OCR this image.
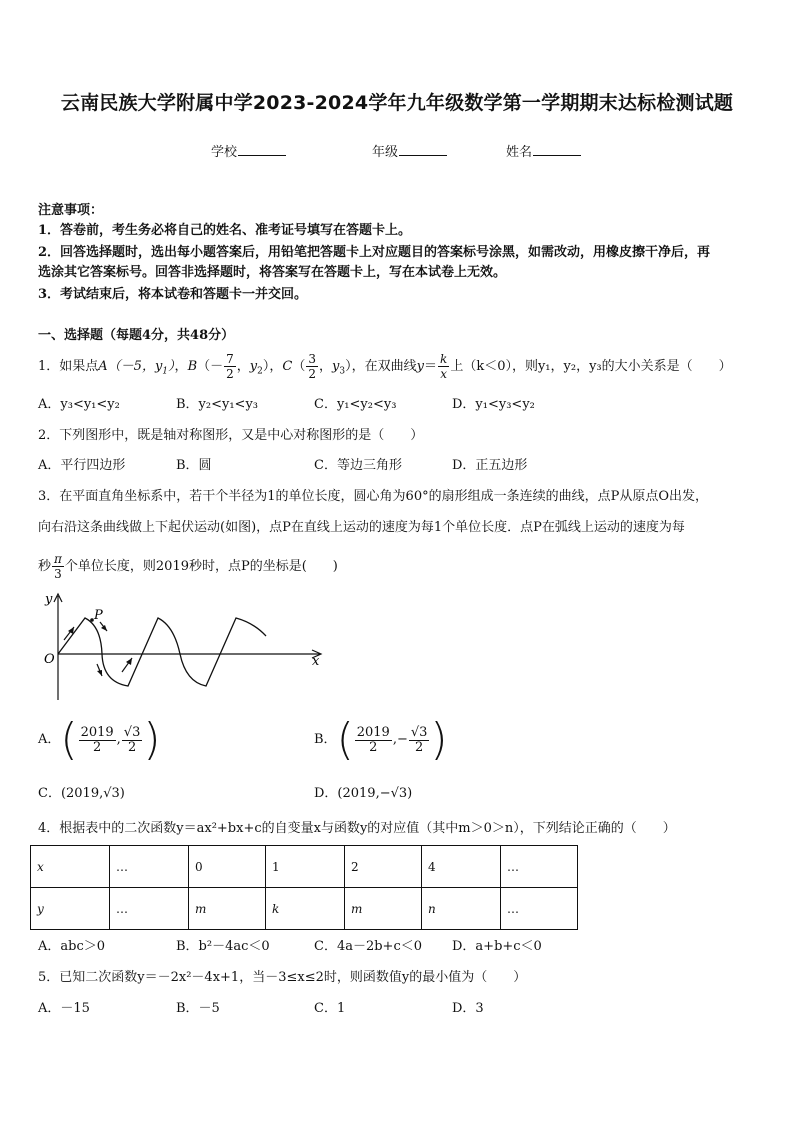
云南民族大学附属中学2023-2024学年九年级数学第一学期期末达标检测试题
学校	年级	姓名
注意事项：
1．答卷前，考生务必将自己的姓名、准考证号填写在答题卡上。
2．回答选择题时，选出每小题答案后，用铅笔把答题卡上对应题目的答案标号涂黑，如需改动，用橡皮擦干净后，再
选涂其它答案标号。回答非选择题时，将答案写在答题卡上，写在本试卷上无效。
3．考试结束后，将本试卷和答题卡一并交回。
一、选择题（每题4分，共48分）
1．如果点A（－5，$y_1$），$B(- \frac{7}{2}$ ，$y_2$），$C( \frac{3}{2}$ ，$y_3$），在双曲线$y= \frac{k}{x}$ 上（k＜0），则y₁，y₂，y₃的大小关系是（　　）
A．y₃<y₁<y₂	B．y₂<y₁<y₃	C．y₁<y₂<y₃	D．y₁<y₃<y₂
2．下列图形中，既是轴对称图形，又是中心对称图形的是（　　）
A．平行四边形	B．圆	C．等边三角形	D．正五边形
3．在平面直角坐标系中，若干个半径为1的单位长度，圆心角为60°的扇形组成一条连续的曲线，点P从原点O出发，
向右沿这条曲线做上下起伏运动(如图)，点P在直线上运动的速度为每1个单位长度．点P在弧线上运动的速度为每
秒 $\frac{\pi}{3}$ 个单位长度，则2019秒时，点P的坐标是(　　)
y
x
O
P
A．( $\frac{2019}{2}$ , $\frac{√3}{2}$ )	B．( $\frac{2019}{2}$ ,− $\frac{√3}{2}$ )
C．(2019,√3)	D．(2019,−√3)
4．根据表中的二次函数y＝ax²+bx+c的自变量x与函数y的对应值（其中m＞0＞n），下列结论正确的（　　）
x	…	0	1	2	4	…
y	…	m	k	m	n	…
A．abc＞0	B．b²－4ac＜0	C．4a－2b+c＜0 D．a+b+c＜0
5．已知二次函数y＝－2x²－4x+1，当－3≤x≤2时，则函数值y的最小值为（　　）
A．－15	B．－5	C．1	D．3
